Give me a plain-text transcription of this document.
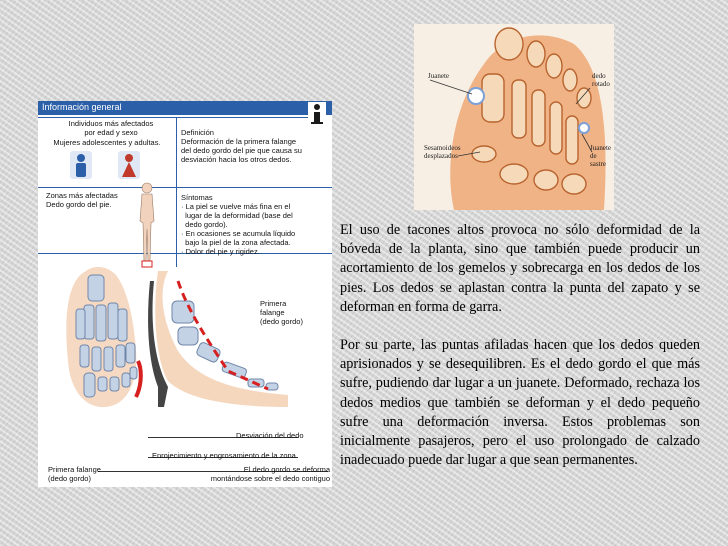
Información general
Individuos más afectados
por edad y sexo
Mujeres adolescentes y adultas.
Definición
Deformación de la primera falange
del dedo gordo del pie que causa su
desviación hacia los otros dedos.
Zonas más afectadas
Dedo gordo del pie.
Síntomas
· La piel se vuelve más fina en el
lugar de la deformidad (base del
dedo gordo).
· En ocasiones se acumula líquido
bajo la piel de la zona afectada.
· Dolor del pie y rigidez.
Primera
falange
(dedo gordo)
Desviación del dedo
Enrojecimiento y engrosamiento de la zona
Primera falange
(dedo gordo)
El dedo gordo se deforma
montándose sobre el dedo contiguo
Juanete	dedo
rotado
Sesamoideos
desplazados
Juanete
de sastre

El uso de tacones altos provoca no sólo deformidad de la bóveda de la planta, sino que también puede producir un acortamiento de los gemelos y sobrecarga en los dedos de los pies. Los dedos se aplastan contra la punta del zapato y se deforman en forma de garra.

Por su parte, las puntas afiladas hacen que los dedos queden aprisionados y se desequilibren. Es el dedo gordo el que más sufre, pudiendo dar lugar a un juanete. Deformado, rechaza los dedos medios que también se deforman y el dedo pequeño sufre una deformación inversa. Estos problemas son inicialmente pasajeros, pero el uso prolongado de calzado inadecuado puede dar lugar a que sean permanentes.
